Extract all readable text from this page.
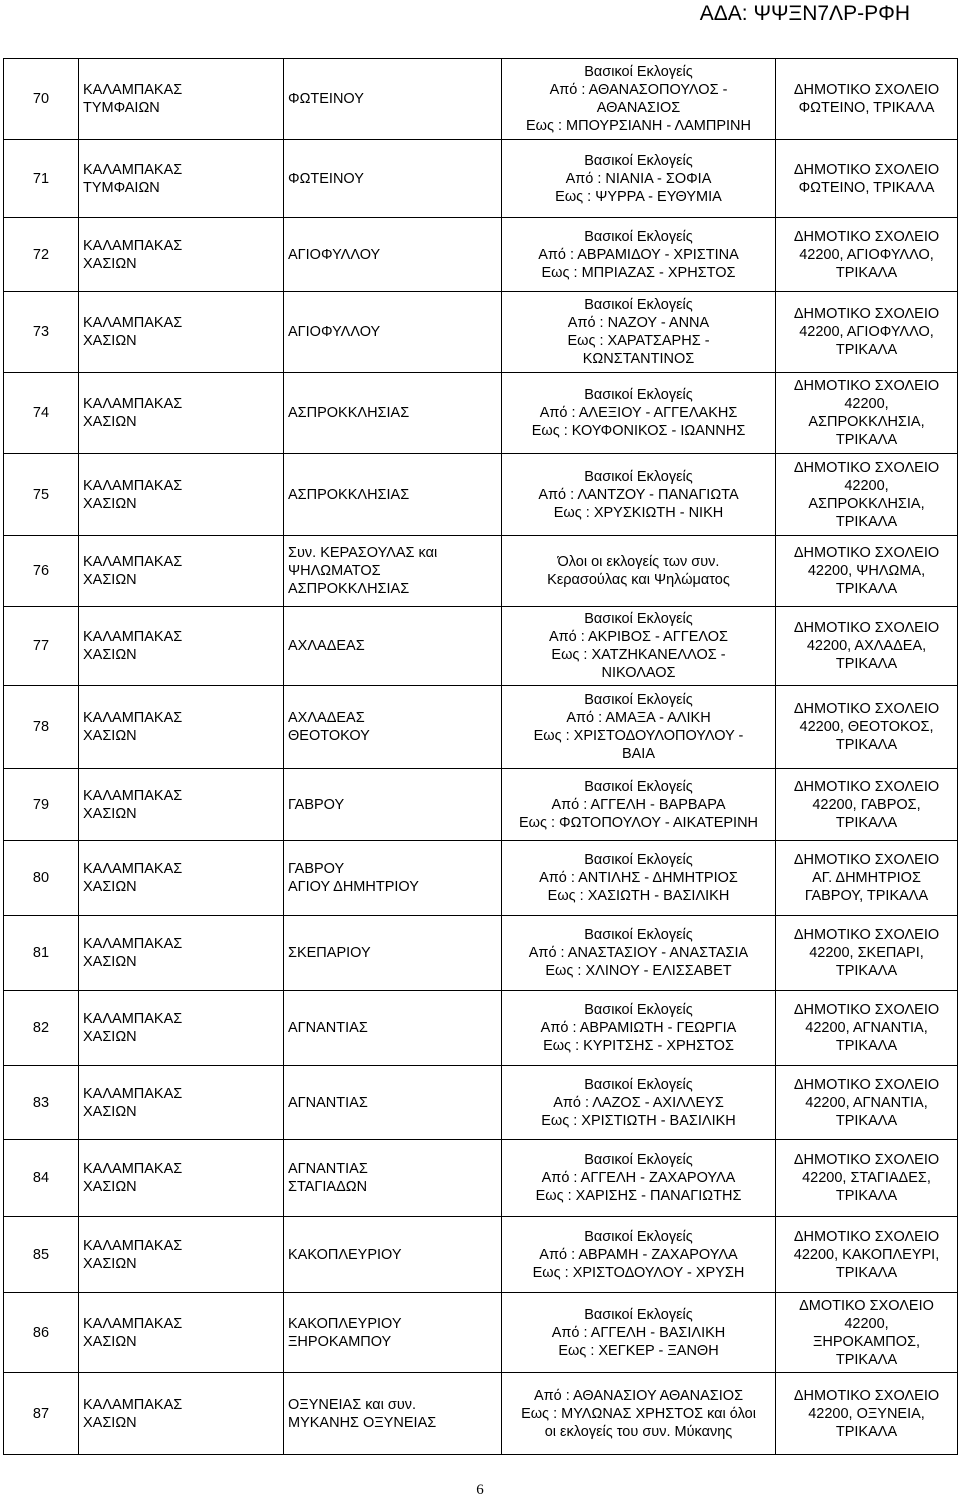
ΑΔΑ: ΨΨΞΝ7ΛΡ-ΡΦΗ
70	ΚΑΛΑΜΠΑΚΑΣ
ΤΥΜΦΑΙΩΝ	ΦΩΤΕΙΝΟΥ	Βασικοί Εκλογείς
Από : ΑΘΑΝΑΣΟΠΟΥΛΟΣ -
ΑΘΑΝΑΣΙΟΣ
Εως : ΜΠΟΥΡΣΙΑΝΗ - ΛΑΜΠΡΙΝΗ	ΔΗΜΟΤΙΚΟ ΣΧΟΛΕΙΟ
ΦΩΤΕΙΝΟ, ΤΡΙΚΑΛΑ

71	ΚΑΛΑΜΠΑΚΑΣ
ΤΥΜΦΑΙΩΝ	ΦΩΤΕΙΝΟΥ	Βασικοί Εκλογείς
Από : ΝΙΑΝΙΑ - ΣΟΦΙΑ
Εως : ΨΥΡΡΑ - ΕΥΘΥΜΙΑ	ΔΗΜΟΤΙΚΟ ΣΧΟΛΕΙΟ
ΦΩΤΕΙΝΟ, ΤΡΙΚΑΛΑ

72	ΚΑΛΑΜΠΑΚΑΣ
ΧΑΣΙΩΝ	ΑΓΙΟΦΥΛΛΟΥ	Βασικοί Εκλογείς
Από : ΑΒΡΑΜΙΔΟΥ - ΧΡΙΣΤΙΝΑ
Εως : ΜΠΡΙΑΖΑΣ - ΧΡΗΣΤΟΣ	ΔΗΜΟΤΙΚΟ ΣΧΟΛΕΙΟ
42200, ΑΓΙΟΦΥΛΛΟ,
ΤΡΙΚΑΛΑ

73	ΚΑΛΑΜΠΑΚΑΣ
ΧΑΣΙΩΝ	ΑΓΙΟΦΥΛΛΟΥ	Βασικοί Εκλογείς
Από : ΝΑΖΟΥ - ΑΝΝΑ
Εως : ΧΑΡΑΤΣΑΡΗΣ -
ΚΩΝΣΤΑΝΤΙΝΟΣ	ΔΗΜΟΤΙΚΟ ΣΧΟΛΕΙΟ
42200, ΑΓΙΟΦΥΛΛΟ,
ΤΡΙΚΑΛΑ

74	ΚΑΛΑΜΠΑΚΑΣ
ΧΑΣΙΩΝ	ΑΣΠΡΟΚΚΛΗΣΙΑΣ	Βασικοί Εκλογείς
Από : ΑΛΕΞΙΟΥ - ΑΓΓΕΛΑΚΗΣ
Εως : ΚΟΥΦΟΝΙΚΟΣ - ΙΩΑΝΝΗΣ	ΔΗΜΟΤΙΚΟ ΣΧΟΛΕΙΟ
42200,
ΑΣΠΡΟΚΚΛΗΣΙΑ,
ΤΡΙΚΑΛΑ

75	ΚΑΛΑΜΠΑΚΑΣ
ΧΑΣΙΩΝ	ΑΣΠΡΟΚΚΛΗΣΙΑΣ	Βασικοί Εκλογείς
Από : ΛΑΝΤΖΟΥ - ΠΑΝΑΓΙΩΤΑ
Εως : ΧΡΥΣΚΙΩΤΗ - ΝΙΚΗ	ΔΗΜΟΤΙΚΟ ΣΧΟΛΕΙΟ
42200,
ΑΣΠΡΟΚΚΛΗΣΙΑ,
ΤΡΙΚΑΛΑ

76	ΚΑΛΑΜΠΑΚΑΣ
ΧΑΣΙΩΝ	Συν. ΚΕΡΑΣΟΥΛΑΣ και
ΨΗΛΩΜΑΤΟΣ
ΑΣΠΡΟΚΚΛΗΣΙΑΣ	Όλοι οι εκλογείς των συν.
Κερασούλας και Ψηλώματος	ΔΗΜΟΤΙΚΟ ΣΧΟΛΕΙΟ
42200, ΨΗΛΩΜΑ,
ΤΡΙΚΑΛΑ

77	ΚΑΛΑΜΠΑΚΑΣ
ΧΑΣΙΩΝ	ΑΧΛΑΔΕΑΣ	Βασικοί Εκλογείς
Από : ΑΚΡΙΒΟΣ - ΑΓΓΕΛΟΣ
Εως : ΧΑΤΖΗΚΑΝΕΛΛΟΣ -
ΝΙΚΟΛΑΟΣ	ΔΗΜΟΤΙΚΟ ΣΧΟΛΕΙΟ
42200, ΑΧΛΑΔΕΑ,
ΤΡΙΚΑΛΑ

78	ΚΑΛΑΜΠΑΚΑΣ
ΧΑΣΙΩΝ	ΑΧΛΑΔΕΑΣ
ΘΕΟΤΟΚΟΥ	Βασικοί Εκλογείς
Από : ΑΜΑΞΑ - ΑΛΙΚΗ
Εως : ΧΡΙΣΤΟΔΟΥΛΟΠΟΥΛΟΥ -
ΒΑΙΑ	ΔΗΜΟΤΙΚΟ ΣΧΟΛΕΙΟ
42200, ΘΕΟΤΟΚΟΣ,
ΤΡΙΚΑΛΑ

79	ΚΑΛΑΜΠΑΚΑΣ
ΧΑΣΙΩΝ	ΓΑΒΡΟΥ	Βασικοί Εκλογείς
Από : ΑΓΓΕΛΗ - ΒΑΡΒΑΡΑ
Εως : ΦΩΤΟΠΟΥΛΟΥ - ΑΙΚΑΤΕΡΙΝΗ	ΔΗΜΟΤΙΚΟ ΣΧΟΛΕΙΟ
42200, ΓΑΒΡΟΣ,
ΤΡΙΚΑΛΑ

80	ΚΑΛΑΜΠΑΚΑΣ
ΧΑΣΙΩΝ	ΓΑΒΡΟΥ
ΑΓΙΟΥ ΔΗΜΗΤΡΙΟΥ	Βασικοί Εκλογείς
Από : ΑΝΤΙΛΗΣ - ΔΗΜΗΤΡΙΟΣ
Εως : ΧΑΣΙΩΤΗ - ΒΑΣΙΛΙΚΗ	ΔΗΜΟΤΙΚΟ ΣΧΟΛΕΙΟ
ΑΓ. ΔΗΜΗΤΡΙΟΣ
ΓΑΒΡΟΥ, ΤΡΙΚΑΛΑ

81	ΚΑΛΑΜΠΑΚΑΣ
ΧΑΣΙΩΝ	ΣΚΕΠΑΡΙΟΥ	Βασικοί Εκλογείς
Από : ΑΝΑΣΤΑΣΙΟΥ - ΑΝΑΣΤΑΣΙΑ
Εως : ΧΛΙΝΟΥ - ΕΛΙΣΣΑΒΕΤ	ΔΗΜΟΤΙΚΟ ΣΧΟΛΕΙΟ
42200, ΣΚΕΠΑΡΙ,
ΤΡΙΚΑΛΑ

82	ΚΑΛΑΜΠΑΚΑΣ
ΧΑΣΙΩΝ	ΑΓΝΑΝΤΙΑΣ	Βασικοί Εκλογείς
Από : ΑΒΡΑΜΙΩΤΗ - ΓΕΩΡΓΙΑ
Εως : ΚΥΡΙΤΣΗΣ - ΧΡΗΣΤΟΣ	ΔΗΜΟΤΙΚΟ ΣΧΟΛΕΙΟ
42200, ΑΓΝΑΝΤΙΑ,
ΤΡΙΚΑΛΑ

83	ΚΑΛΑΜΠΑΚΑΣ
ΧΑΣΙΩΝ	ΑΓΝΑΝΤΙΑΣ	Βασικοί Εκλογείς
Από : ΛΑΖΟΣ - ΑΧΙΛΛΕΥΣ
Εως : ΧΡΙΣΤΙΩΤΗ - ΒΑΣΙΛΙΚΗ	ΔΗΜΟΤΙΚΟ ΣΧΟΛΕΙΟ
42200, ΑΓΝΑΝΤΙΑ,
ΤΡΙΚΑΛΑ

84	ΚΑΛΑΜΠΑΚΑΣ
ΧΑΣΙΩΝ	ΑΓΝΑΝΤΙΑΣ
ΣΤΑΓΙΑΔΩΝ	Βασικοί Εκλογείς
Από : ΑΓΓΕΛΗ - ΖΑΧΑΡΟΥΛΑ
Εως : ΧΑΡΙΣΗΣ - ΠΑΝΑΓΙΩΤΗΣ	ΔΗΜΟΤΙΚΟ ΣΧΟΛΕΙΟ
42200, ΣΤΑΓΙΑΔΕΣ,
ΤΡΙΚΑΛΑ

85	ΚΑΛΑΜΠΑΚΑΣ
ΧΑΣΙΩΝ	ΚΑΚΟΠΛΕΥΡΙΟΥ	Βασικοί Εκλογείς
Από : ΑΒΡΑΜΗ - ΖΑΧΑΡΟΥΛΑ
Εως : ΧΡΙΣΤΟΔΟΥΛΟΥ - ΧΡΥΣΗ	ΔΗΜΟΤΙΚΟ ΣΧΟΛΕΙΟ
42200, ΚΑΚΟΠΛΕΥΡΙ,
ΤΡΙΚΑΛΑ

86	ΚΑΛΑΜΠΑΚΑΣ
ΧΑΣΙΩΝ	ΚΑΚΟΠΛΕΥΡΙΟΥ
ΞΗΡΟΚΑΜΠΟΥ	Βασικοί Εκλογείς
Από : ΑΓΓΕΛΗ - ΒΑΣΙΛΙΚΗ
Εως : ΧΕΓΚΕΡ - ΞΑΝΘΗ	ΔΜΟΤΙΚΟ ΣΧΟΛΕΙΟ
42200,
ΞΗΡΟΚΑΜΠΟΣ,
ΤΡΙΚΑΛΑ

87	ΚΑΛΑΜΠΑΚΑΣ
ΧΑΣΙΩΝ	ΟΞΥΝΕΙΑΣ και συν.
ΜΥΚΑΝΗΣ ΟΞΥΝΕΙΑΣ	Από : ΑΘΑΝΑΣΙΟΥ ΑΘΑΝΑΣΙΟΣ
Εως : ΜΥΛΩΝΑΣ ΧΡΗΣΤΟΣ και όλοι
οι εκλογείς του συν. Μύκανης	ΔΗΜΟΤΙΚΟ ΣΧΟΛΕΙΟ
42200, ΟΞΥΝΕΙΑ,
ΤΡΙΚΑΛΑ
6
